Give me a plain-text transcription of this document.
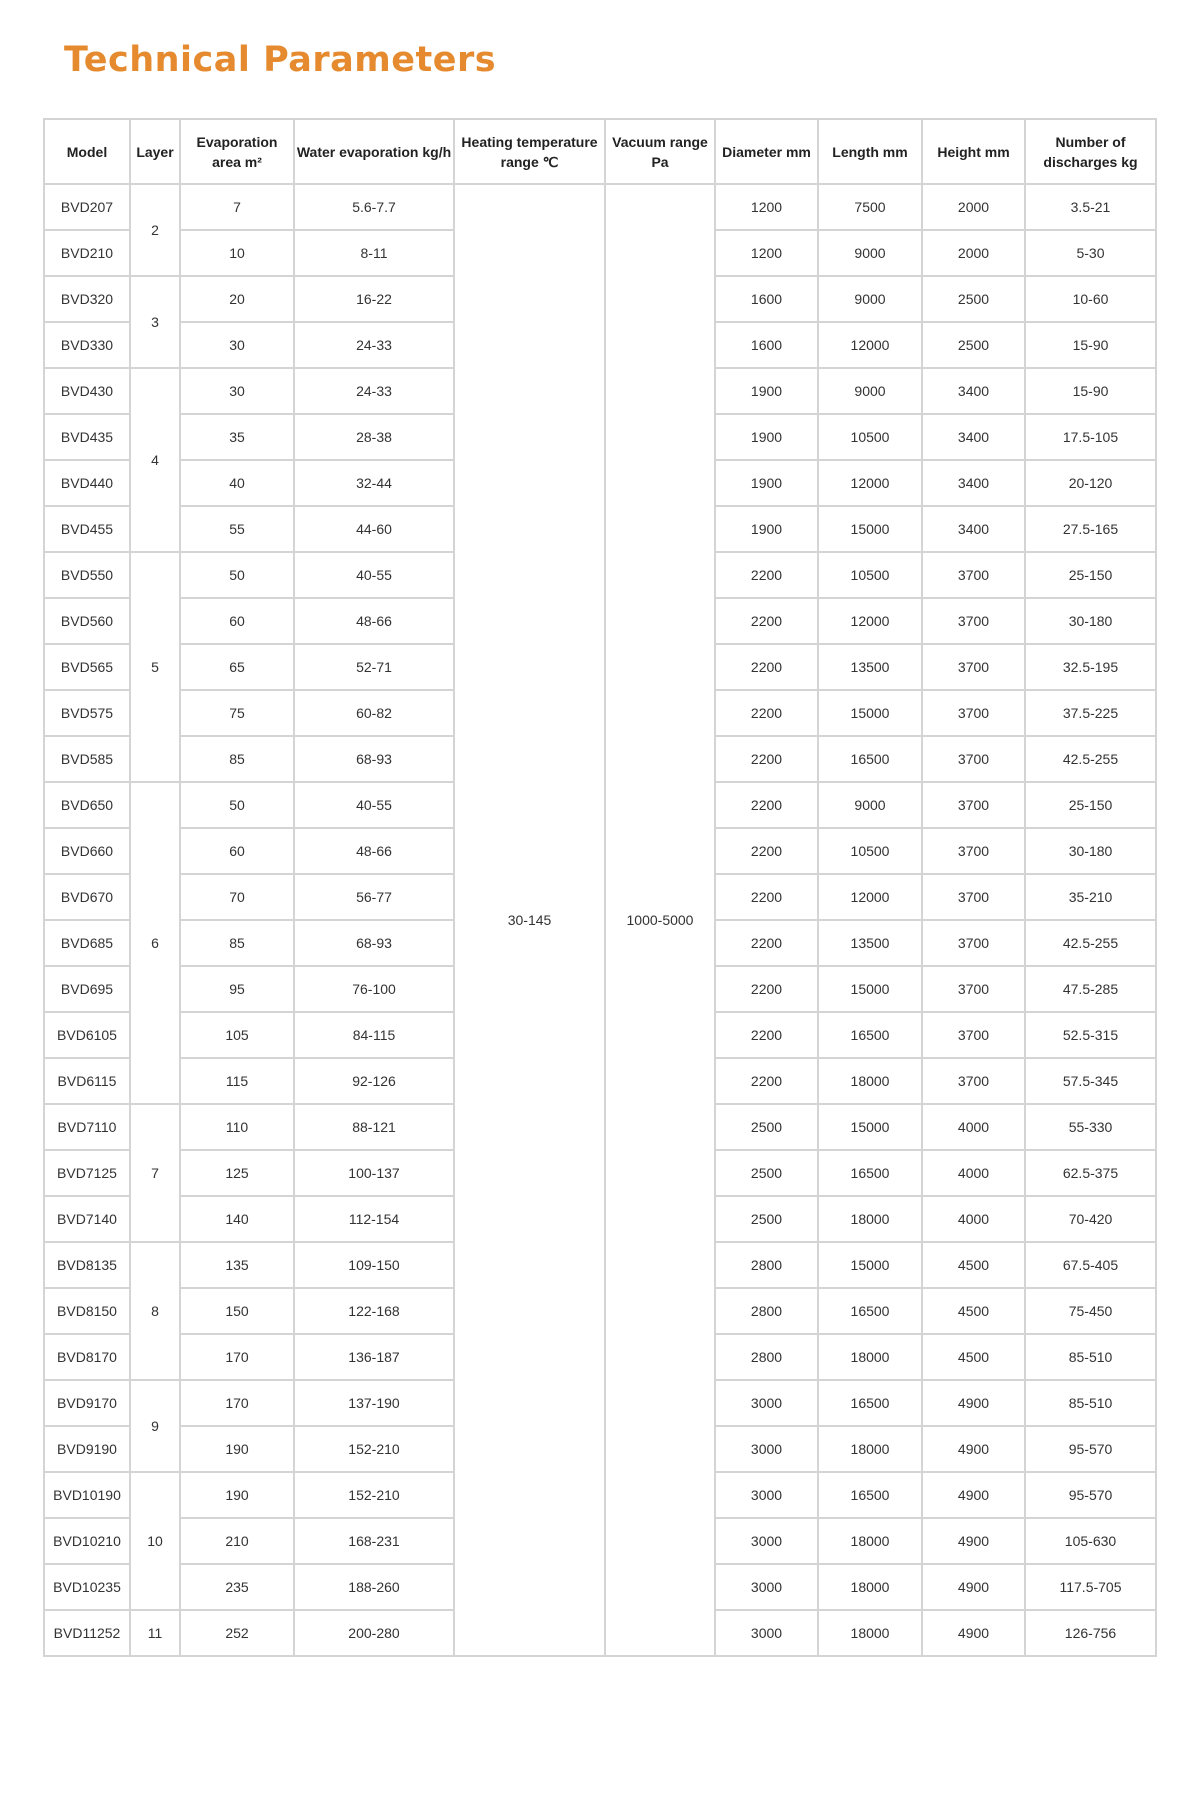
Technical Parameters
Model	Layer	Evaporation area m²	Water evaporation kg/h	Heating temperature range ℃	Vacuum range Pa	Diameter mm	Length mm	Height mm	Number of discharges kg
BVD207	2	7	5.6-7.7	30-145	1000-5000	1200	7500	2000	3.5-21
BVD210		10	8-11			1200	9000	2000	5-30
BVD320	3	20	16-22			1600	9000	2500	10-60
BVD330		30	24-33			1600	12000	2500	15-90
BVD430	4	30	24-33			1900	9000	3400	15-90
BVD435		35	28-38			1900	10500	3400	17.5-105
BVD440		40	32-44			1900	12000	3400	20-120
BVD455		55	44-60			1900	15000	3400	27.5-165
BVD550	5	50	40-55			2200	10500	3700	25-150
BVD560		60	48-66			2200	12000	3700	30-180
BVD565		65	52-71			2200	13500	3700	32.5-195
BVD575		75	60-82			2200	15000	3700	37.5-225
BVD585		85	68-93			2200	16500	3700	42.5-255
BVD650	6	50	40-55			2200	9000	3700	25-150
BVD660		60	48-66			2200	10500	3700	30-180
BVD670		70	56-77			2200	12000	3700	35-210
BVD685		85	68-93			2200	13500	3700	42.5-255
BVD695		95	76-100			2200	15000	3700	47.5-285
BVD6105		105	84-115			2200	16500	3700	52.5-315
BVD6115		115	92-126			2200	18000	3700	57.5-345
BVD7110	7	110	88-121			2500	15000	4000	55-330
BVD7125		125	100-137			2500	16500	4000	62.5-375
BVD7140		140	112-154			2500	18000	4000	70-420
BVD8135	8	135	109-150			2800	15000	4500	67.5-405
BVD8150		150	122-168			2800	16500	4500	75-450
BVD8170		170	136-187			2800	18000	4500	85-510
BVD9170	9	170	137-190			3000	16500	4900	85-510
BVD9190		190	152-210			3000	18000	4900	95-570
BVD10190	10	190	152-210			3000	16500	4900	95-570
BVD10210		210	168-231			3000	18000	4900	105-630
BVD10235		235	188-260			3000	18000	4900	117.5-705
BVD11252	11	252	200-280			3000	18000	4900	126-756
